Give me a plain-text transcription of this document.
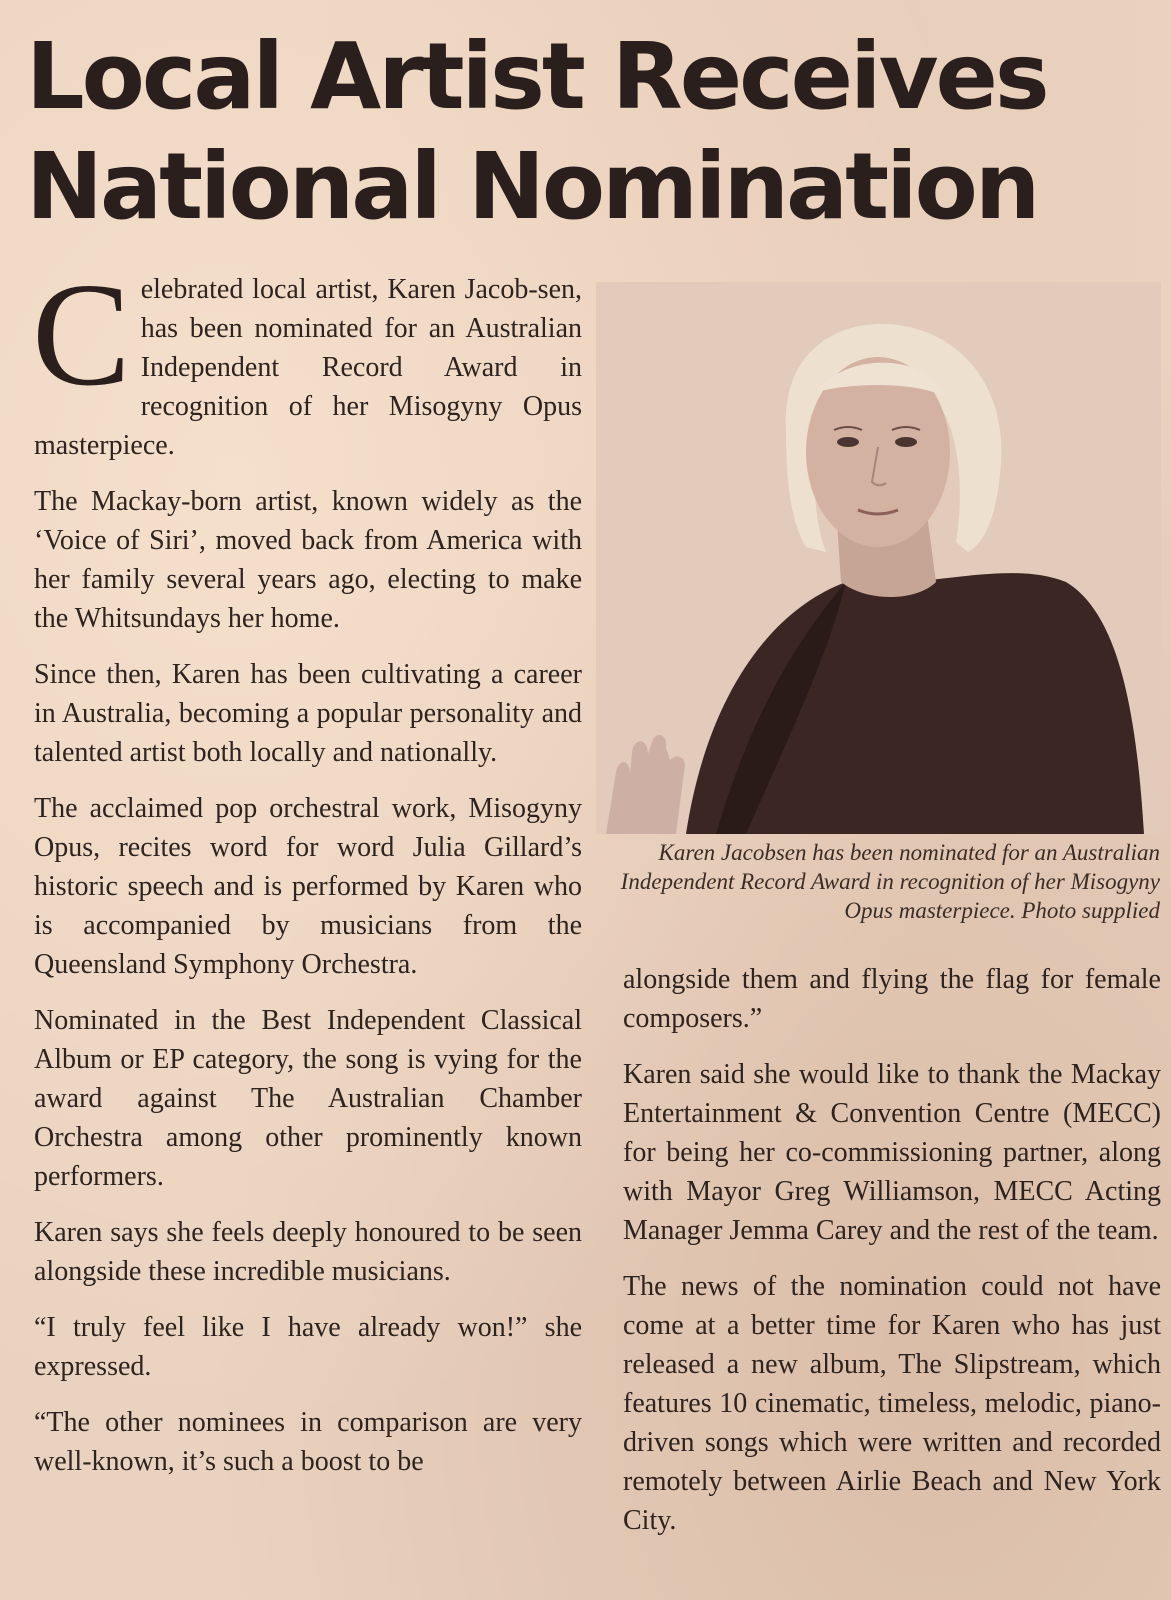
Local Artist Receives
National Nomination

Celebrated local artist, Karen Jacob-sen, has been nominated for an Australian Independent Record Award in recognition of her Misogyny Opus masterpiece.

The Mackay-born artist, known widely as the ‘Voice of Siri’, moved back from America with her family several years ago, electing to make the Whitsundays her home.

Since then, Karen has been cultivating a career in Australia, becoming a popular personality and talented artist both locally and nationally.

The acclaimed pop orchestral work, Misogyny Opus, recites word for word Julia Gillard’s historic speech and is performed by Karen who is accompanied by musicians from the Queensland Symphony Orchestra.

Nominated in the Best Independent Classical Album or EP category, the song is vying for the award against The Australian Chamber Orchestra among other prominently known performers.

Karen says she feels deeply honoured to be seen alongside these incredible musicians.

“I truly feel like I have already won!” she expressed.

“The other nominees in comparison are very well-known, it’s such a boost to be

Karen Jacobsen has been nominated for an Australian Independent Record Award in recognition of her Misogyny Opus masterpiece. Photo supplied

alongside them and flying the flag for female composers.”

Karen said she would like to thank the Mackay Entertainment & Convention Centre (MECC) for being her co-commissioning partner, along with Mayor Greg Williamson, MECC Acting Manager Jemma Carey and the rest of the team.

The news of the nomination could not have come at a better time for Karen who has just released a new album, The Slipstream, which features 10 cinematic, timeless, melodic, piano-driven songs which were written and recorded remotely between Airlie Beach and New York City.
